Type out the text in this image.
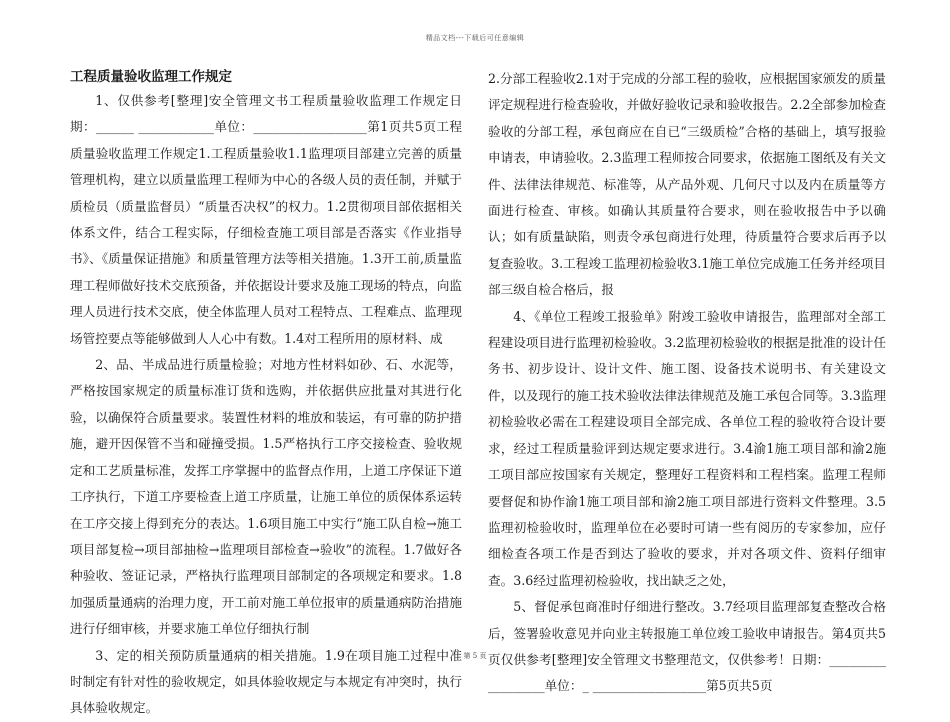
精品文档---下载后可任意编辑

工程质量验收监理工作规定

1、仅供参考[整理]安全管理文书工程质量验收监理工作规定日期：______ ____________单位：__________________第1页共5页工程质量验收监理工作规定1.工程质量验收1.1监理项目部建立完善的质量管理机构，建立以质量监理工程师为中心的各级人员的责任制，并赋于质检员（质量监督员）“质量否决权”的权力。1.2贯彻项目部依据相关体系文件，结合工程实际，仔细检查施工项目部是否落实《作业指导书》、《质量保证措施》和质量管理方法等相关措施。1.3开工前,质量监理工程师做好技术交底预备，并依据设计要求及施工现场的特点，向监理人员进行技术交底，使全体监理人员对工程特点、工程难点、监理现场管控要点等能够做到人人心中有数。1.4对工程所用的原材料、成

2、品、半成品进行质量检验；对地方性材料如砂、石、水泥等，严格按国家规定的质量标准订货和选购，并依据供应批量对其进行化验，以确保符合质量要求。装置性材料的堆放和装运，有可靠的防护措施，避开因保管不当和碰撞受损。1.5严格执行工序交接检查、验收规定和工艺质量标准，发挥工序掌握中的监督点作用，上道工序保证下道工序执行，下道工序要检查上道工序质量，让施工单位的质保体系运转在工序交接上得到充分的表达。1.6项目施工中实行“施工队自检→施工项目部复检→项目部抽检→监理项目部检查→验收”的流程。1.7做好各种验收、签证记录，严格执行监理项目部制定的各项规定和要求。1.8加强质量通病的治理力度，开工前对施工单位报审的质量通病防治措施进行仔细审核，并要求施工单位仔细执行制

3、定的相关预防质量通病的相关措施。1.9在项目施工过程中准时制定有针对性的验收规定，如具体验收规定与本规定有冲突时，执行具体验收规定。

2.分部工程验收2.1对于完成的分部工程的验收，应根据国家颁发的质量评定规程进行检查验收，并做好验收记录和验收报告。2.2全部参加检查验收的分部工程，承包商应在自已“三级质检”合格的基础上，填写报验申请表，申请验收。2.3监理工程师按合同要求，依据施工图纸及有关文件、法律法律规范、标准等，从产品外观、几何尺寸以及内在质量等方面进行检查、审核。如确认其质量符合要求，则在验收报告中予以确认；如有质量缺陷，则责令承包商进行处理，待质量符合要求后再予以复查验收。3.工程竣工监理初检验收3.1施工单位完成施工任务并经项目部三级自检合格后，报

4、《单位工程竣工报验单》附竣工验收申请报告，监理部对全部工程建设项目进行监理初检验收。3.2监理初检验收的根据是批准的设计任务书、初步设计、设计文件、施工图、设备技术说明书、有关建设文件，以及现行的施工技术验收法律法律规范及施工承包合同等。3.3监理初检验收必需在工程建设项目全部完成、各单位工程的验收符合设计要求，经过工程质量验评到达规定要求进行。3.4渝1施工项目部和渝2施工项目部应按国家有关规定，整理好工程资料和工程档案。监理工程师要督促和协作渝1施工项目部和渝2施工项目部进行资料文件整理。3.5监理初检验收时，监理单位在必要时可请一些有阅历的专家参加，应仔细检查各项工作是否到达了验收的要求，并对各项文件、资料仔细审查。3.6经过监理初检验收，找出缺乏之处，

5、督促承包商准时仔细进行整改。3.7经项目监理部复查整改合格后，签署验收意见并向业主转报施工单位竣工验收申请报告。第4页共5页仅供参考[整理]安全管理文书整理范文，仅供参考！日期：__________________单位：_ __________________第5页共5页

第 5 页
